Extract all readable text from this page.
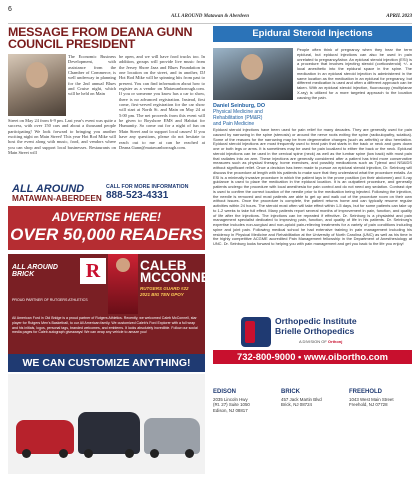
6
ALL AROUND Matawan & Aberdeen	APRIL 2023
MESSAGE FROM DEANA GUNN COUNCIL PRESIDENT

The Economic Business Development, with assistance from the Chamber of Commerce, is well underway in planning for the 2nd annual Blues and Cruise night, which will be held on Main

Street on May 24 from 6-9 pm. Last year's event was quite a success, with over 150 cars and about a thousand people participating! We look forward to bringing you another exciting night on Main Street! This year Hot Rod Mike will host the event along with music, food, and vendors where you can shop and support local businesses. Restaurants on Main Street will

be open, and we will have food trucks too. In addition, groups will provide live music from the Jersey Shore Jazz and Blues Foundation in one location on the street, and in another, DJ Hot Rod Mike will be spinning hits from past to present. You can find information about how to register as a vendor on Matawanborough.com. If you or someone you know has a car to show, there is no advanced registration. Instead, first come, first-served registration for the car show will start at North St. and Main on May 24 at 5:00 pm. The net proceeds from this event will be given to Boyshore EMS and Habitat for Humanity. So come out for a night of fun on Main Street and to support local causes! If you have any questions, please do not hesitate to reach out to me at can be reached at Deana.Gunn@matawanborough.com.

ALL AROUND
MATAWAN-ABERDEEN
CALL FOR MORE INFORMATION
888-523-4331
ADVERTISE HERE!
OVER 50,000 READERS
ALL AROUND
BRICK	R
PROUD PARTNER OF RUTGERS ATHLETICS
CALEB
MCCONNELL
RUTGERS GUARD #22
2021 BIG TEN GPOY

All American Ford in Old Bridge is a proud partner of Rutgers Athletics. Recently, we welcomed Caleb McConnell, star player for Rutgers Men's Basketball, to our All American family. We customized Caleb's Ford Explorer with a full wrap and his initials, logos, personal tags, branded welcomes, and emblems. It looks absolutely incredible. Follow our social media pages for Caleb autograph giveaways! We can wrap any vehicle to amaze you!

WE CAN CUSTOMIZE ANYTHING!
Epidural Steroid Injections
Daniel Seinburg, DO
Physical Medicine and
Rehabilitation (PM&R)
and Pain Medicine

People often think of pregnancy when they hear the term epidural, but epidural injections can also be used in pain unrelated to pregnancy/labor. An epidural steroid injection (ESI) is a procedure that involves injecting steroid (corticosteroid) +/- a local anesthetic into the epidural space in the spine. The medication in an epidural steroid injection is administered in the same location as the medication in an epidural for pregnancy, but different medication is used and often a different approach can be taken. With an epidural steroid injection, fluoroscopy (multiplanar X-ray) is utilized for a more targeted approach to the location causing the pain.

Epidural steroid injections have been used for pain relief for many decades. They are generally used for pain caused by narrowing in the spine (stenosis) or around the nerve roots exiting the spine (radiculopathy, sciatica). Some of the reasons for the narrowing may be from degenerative changes (such as arthritis) or disc herniation. Epidural steroid injections are most frequently used to treat pain that starts in the back or neck and goes down one or both legs or arms. It is sometimes may be used for pain localized to either the back or the neck. Epidural steroid injections can be used in the cervical spine (neck) as well as the lumbar spine (low back) with most pain that radiates into an arm. These injections are generally considered after a patient has tried more conservative measures such as physical therapy, home exercises, and possibly medications such as Tylenol and NSAIDS without significant relief. Once a decision has been made to pursue an epidural steroid injection, Dr. Seinburg will discuss the procedure at length with his patients to make sure that they understand what the procedure entails. An ESI is a minimally invasive procedure in which the patient lays in the prone position (on their abdomen) and X-ray guidance is used to place the medication in the epidural location. It is an outpatient procedure, and generally patients undergo the procedure with local anesthesia for pain control and do not need any sedation. Contrast dye is used to confirm the correct location of the needle prior to the medication being injected. Following the injection, the needle is removed and most patients are able to get up and walk out of the procedure room on their own without issues. Once the procedure is complete, the patient returns home and can typically resume regular activities within 24 hours. The steroid most often will take effect within 1-5 days, but for some patients can take up to 1-2 weeks to take full effect. Many patients report several months of improvement in pain, function, and quality of life after the injections. The injections can be repeated if effective. Dr. Seinburg is a physiatrist and pain management specialist dedicated to improving pain, function, and quality of life in his patients. Dr. Seinburg's expertise includes non-surgical and non-opioid pain-relieving treatments for a variety of pain conditions including spine and joint pain. Following medical school he had extensive training in pain management including his residency in Physical Medicine and Rehabilitation at the University of North Carolina (UNC) as well as his time in the highly competitive ACGME accredited Pain Management fellowship in the Department of Anesthesiology at UNC. Dr. Seinburg looks forward to helping you with pain management and get you back to the life you enjoy!

Orthopedic Institute
Brielle Orthopedics
A DIVISION OF Orthonj
732-800-9000 • www.oibortho.com
EDISON

2035 Lincoln Hwy
(Rt. 27) Suite 1050
Edison, NJ 08817

BRICK

457 Jack Martin Blvd
Brick, NJ 08724

FREEHOLD

1043 West Main Street
Freehold, NJ 07728
